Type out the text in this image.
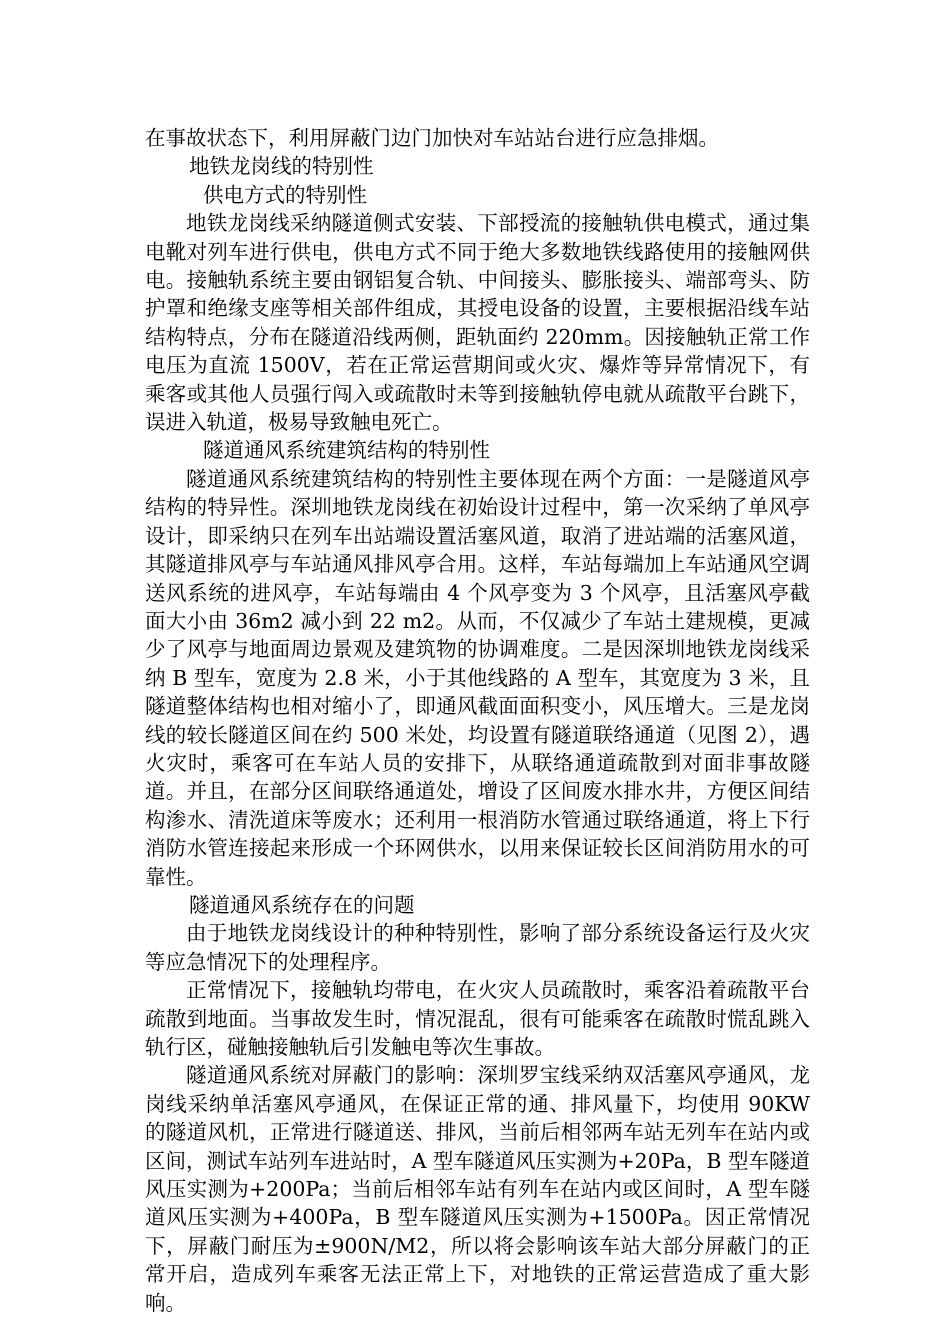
在事故状态下，利用屏蔽门边门加快对车站站台进行应急排烟。

地铁龙岗线的特别性

供电方式的特别性

地铁龙岗线采纳隧道侧式安装、下部授流的接触轨供电模式，通过集电靴对列车进行供电，供电方式不同于绝大多数地铁线路使用的接触网供电。接触轨系统主要由钢铝复合轨、中间接头、膨胀接头、端部弯头、防护罩和绝缘支座等相关部件组成，其授电设备的设置，主要根据沿线车站结构特点，分布在隧道沿线两侧，距轨面约 220mm。因接触轨正常工作电压为直流 1500V，若在正常运营期间或火灾、爆炸等异常情况下，有乘客或其他人员强行闯入或疏散时未等到接触轨停电就从疏散平台跳下，误进入轨道，极易导致触电死亡。

隧道通风系统建筑结构的特别性

隧道通风系统建筑结构的特别性主要体现在两个方面：一是隧道风亭结构的特异性。深圳地铁龙岗线在初始设计过程中，第一次采纳了单风亭设计，即采纳只在列车出站端设置活塞风道，取消了进站端的活塞风道，其隧道排风亭与车站通风排风亭合用。这样，车站每端加上车站通风空调送风系统的进风亭，车站每端由 4 个风亭变为 3 个风亭，且活塞风亭截面大小由 36m2 减小到 22 m2。从而，不仅减少了车站土建规模，更减少了风亭与地面周边景观及建筑物的协调难度。二是因深圳地铁龙岗线采纳 B 型车，宽度为 2.8 米，小于其他线路的 A 型车，其宽度为 3 米，且隧道整体结构也相对缩小了，即通风截面面积变小，风压增大。三是龙岗线的较长隧道区间在约 500 米处，均设置有隧道联络通道（见图 2），遇火灾时，乘客可在车站人员的安排下，从联络通道疏散到对面非事故隧道。并且，在部分区间联络通道处，增设了区间废水排水井，方便区间结构渗水、清洗道床等废水；还利用一根消防水管通过联络通道，将上下行消防水管连接起来形成一个环网供水，以用来保证较长区间消防用水的可靠性。

隧道通风系统存在的问题

由于地铁龙岗线设计的种种特别性，影响了部分系统设备运行及火灾等应急情况下的处理程序。

正常情况下，接触轨均带电，在火灾人员疏散时，乘客沿着疏散平台疏散到地面。当事故发生时，情况混乱，很有可能乘客在疏散时慌乱跳入轨行区，碰触接触轨后引发触电等次生事故。

隧道通风系统对屏蔽门的影响：深圳罗宝线采纳双活塞风亭通风，龙岗线采纳单活塞风亭通风，在保证正常的通、排风量下，均使用 90KW 的隧道风机，正常进行隧道送、排风，当前后相邻两车站无列车在站内或区间，测试车站列车进站时，A 型车隧道风压实测为+20Pa，B 型车隧道风压实测为+200Pa；当前后相邻车站有列车在站内或区间时，A 型车隧道风压实测为+400Pa，B 型车隧道风压实测为+1500Pa。因正常情况下，屏蔽门耐压为±900N/M2，所以将会影响该车站大部分屏蔽门的正常开启，造成列车乘客无法正常上下，对地铁的正常运营造成了重大影响。
